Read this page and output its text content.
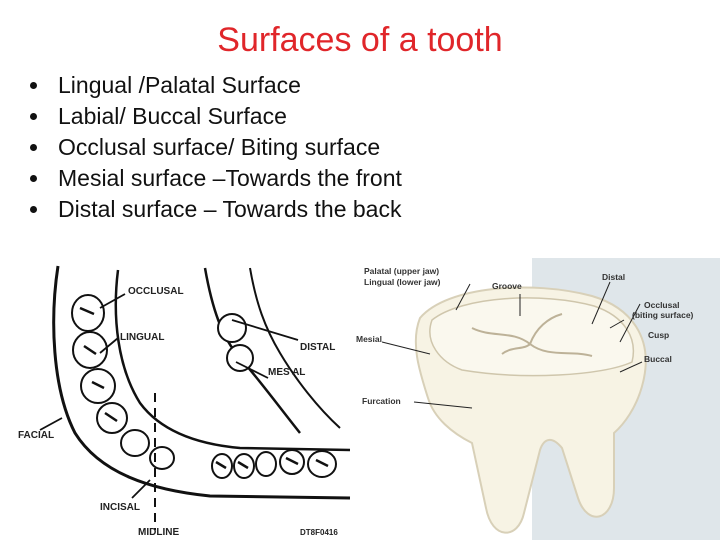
Surfaces of a tooth
Lingual /Palatal Surface
Labial/ Buccal Surface
Occlusal surface/ Biting surface
Mesial surface –Towards the front
Distal surface – Towards the back
OCCLUSAL
LINGUAL
DISTAL
MES AL
FACIAL
INCISAL
MIDLINE	DT8F0416
Palatal (upper jaw)
Lingual (lower jaw)	Groove
Distal
Occlusal
(biting surface)
Cusp
Buccal
Mesial
Furcation
